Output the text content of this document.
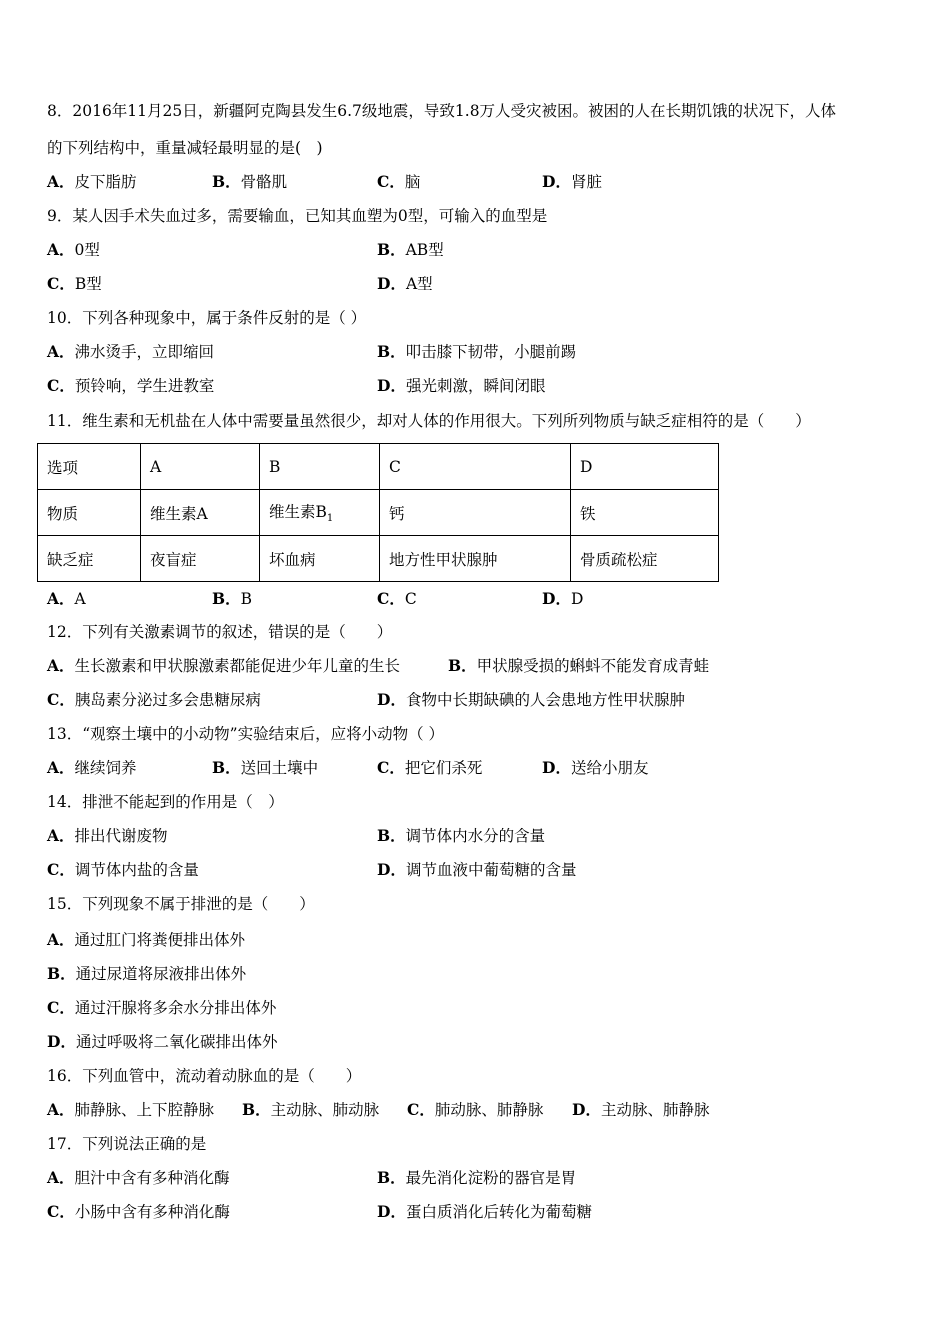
8．2016年11月25日，新疆阿克陶县发生6.7级地震，导致1.8万人受灾被困。被困的人在长期饥饿的状况下，人体
的下列结构中，重量减轻最明显的是(　)
A．皮下脂肪	B．骨骼肌	C．脑	D．肾脏
9．某人因手术失血过多，需要输血，已知其血塑为0型，可输入的血型是
A．0型	B．AB型
C．B型	D．A型
10．下列各种现象中，属于条件反射的是（ ）
A．沸水烫手，立即缩回	B．叩击膝下韧带，小腿前踢
C．预铃响，学生进教室	D．强光刺激，瞬间闭眼
11．维生素和无机盐在人体中需要量虽然很少，却对人体的作用很大。下列所列物质与缺乏症相符的是（　　）
选项	A	B	C	D
物质	维生素A	维生素$B_1$	钙	铁
缺乏症	夜盲症	坏血病	地方性甲状腺肿	骨质疏松症
A．A	B．B	C．C	D．D
12．下列有关激素调节的叙述，错误的是（　　）
A．生长激素和甲状腺激素都能促进少年儿童的生长	B．甲状腺受损的蝌蚪不能发育成青蛙
C．胰岛素分泌过多会患糖尿病	D．食物中长期缺碘的人会患地方性甲状腺肿
13．“观察土壤中的小动物”实验结束后，应将小动物（ ）
A．继续饲养	B．送回土壤中	C．把它们杀死	D．送给小朋友
14．排泄不能起到的作用是（　）
A．排出代谢废物	B．调节体内水分的含量
C．调节体内盐的含量	D．调节血液中葡萄糖的含量
15．下列现象不属于排泄的是（　　）
A．通过肛门将粪便排出体外
B．通过尿道将尿液排出体外
C．通过汗腺将多余水分排出体外
D．通过呼吸将二氧化碳排出体外
16．下列血管中，流动着动脉血的是（　　）
A．肺静脉、上下腔静脉 B．主动脉、肺动脉 C．肺动脉、肺静脉 D．主动脉、肺静脉
17．下列说法正确的是
A．胆汁中含有多种消化酶	B．最先消化淀粉的器官是胃
C．小肠中含有多种消化酶	D．蛋白质消化后转化为葡萄糖
